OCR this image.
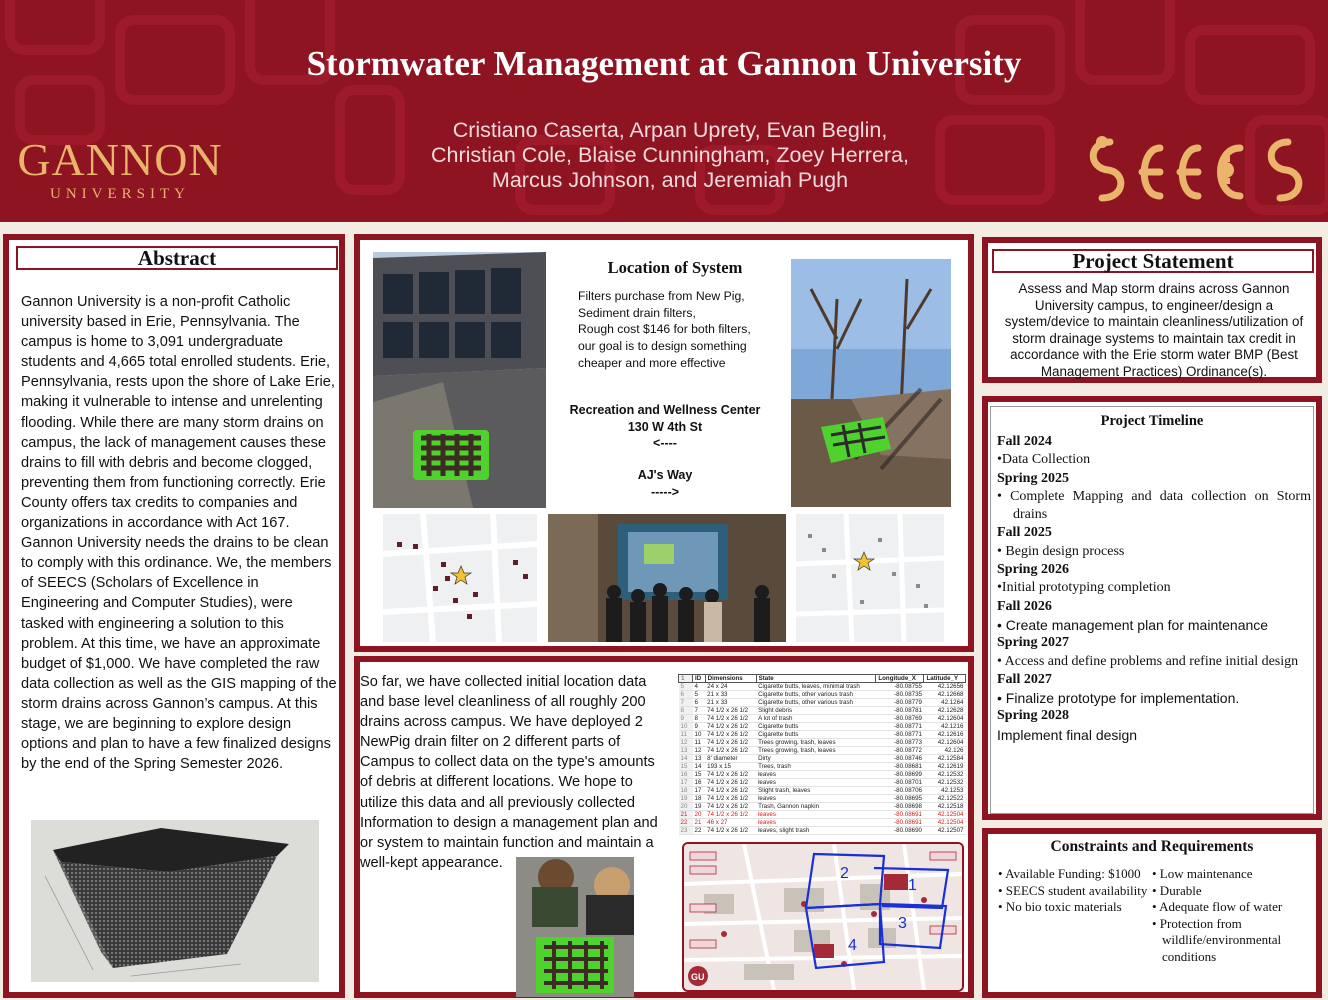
Stormwater Management at Gannon University
Cristiano Caserta, Arpan Uprety, Evan Beglin,
Christian Cole, Blaise Cunningham, Zoey Herrera,
Marcus Johnson, and Jeremiah Pugh
GANNON
UNIVERSITY
Abstract
Gannon University is a non-profit Catholic university based in Erie, Pennsylvania. The campus is home to 3,091 undergraduate students and 4,665 total enrolled students. Erie, Pennsylvania, rests upon the shore of Lake Erie, making it vulnerable to intense and unrelenting flooding. While there are many storm drains on campus, the lack of management causes these drains to fill with debris and become clogged, preventing them from functioning correctly. Erie County offers tax credits to companies and organizations in accordance with Act 167. Gannon University needs the drains to be clean to comply with this ordinance. We, the members of SEECS (Scholars of Excellence in Engineering and Computer Studies), were tasked with engineering a solution to this problem. At this time, we have an approximate budget of $1,000. We have completed the raw data collection as well as the GIS mapping of the storm drains across Gannon’s campus. At this stage, we are beginning to explore design options and plan to have a few finalized designs by the end of the Spring Semester 2026.
Location of System
Filters purchase from New Pig,
Sediment drain filters,
Rough cost $146 for both filters,
our goal is to design something
cheaper and more effective
Recreation and Wellness Center
130 W 4th St
<----
AJ's Way
----->
So far, we have collected initial location data
and base level cleanliness of all roughly 200
drains across campus. We have deployed 2
NewPig drain filter on 2 different parts of
Campus to collect data on the type's amounts
of debris at different locations. We hope to
utilize this data and all previously collected
Information to design a management plan and
or system to maintain function and maintain a
well-kept appearance.
1	ID	Dimensions	State	Longitude_X	Latitude_Y
5	4	24 x 24	Cigarette butts, leaves, minimal trash	-80.08755	42.12656
6	5	21 x 33	Cigarette butts, other various trash	-80.08735	42.12668
7	6	21 x 33	Cigarette butts, other various trash	-80.08779	42.1264
8	7	74 1/2 x 26 1/2	Slight debris	-80.08781	42.12628
9	8	74 1/2 x 26 1/2	A lot of trash	-80.08769	42.12604
10	9	74 1/2 x 26 1/2	Cigarette butts	-80.08771	42.1216
11	10	74 1/2 x 26 1/2	Cigarette butts	-80.08771	42.12616
12	11	74 1/2 x 26 1/2	Trees growing, trash, leaves	-80.08773	42.12604
13	12	74 1/2 x 26 1/2	Trees growing, trash, leaves	-80.08772	42.126
14	13	8' diameter	Dirty	-80.08746	42.12584
15	14	193 x 15	Trees, trash	-80.08681	42.12619
16	15	74 1/2 x 26 1/2	leaves	-80.08699	42.12532
17	16	74 1/2 x 26 1/2	leaves	-80.08701	42.12532
18	17	74 1/2 x 26 1/2	Slight trash, leaves	-80.08706	42.1253
19	18	74 1/2 x 26 1/2	leaves	-80.08695	42.12522
20	19	74 1/2 x 26 1/2	Trash, Gannon napkin	-80.08698	42.12518
21	20	74 1/2 x 26 1/2	leaves	-80.08691	42.12504
22	21	46 x 27	leaves	-80.08691	42.12504
23	22	74 1/2 x 26 1/2	leaves, slight trash	-80.08690	42.12507
2
1
3
4
GU
Project Statement
Assess and Map storm drains across Gannon University campus, to engineer/design a system/device to maintain cleanliness/utilization of storm drainage systems to maintain tax credit in accordance with the Erie storm water BMP (Best Management Practices) Ordinance(s).
Project Timeline
Fall 2024
•Data Collection
Spring 2025
• Complete Mapping and data collection on Storm drains
Fall 2025
• Begin design process
Spring 2026
•Initial prototyping completion
Fall 2026
• Create management plan for maintenance
Spring 2027
• Access and define problems and refine initial design
Fall 2027
• Finalize prototype for implementation.
Spring 2028
Implement final design
Constraints and Requirements
• Available Funding: $1000
• SEECS student availability
• No bio toxic materials
• Low maintenance
• Durable
• Adequate flow of water
• Protection from wildlife/environmental conditions
